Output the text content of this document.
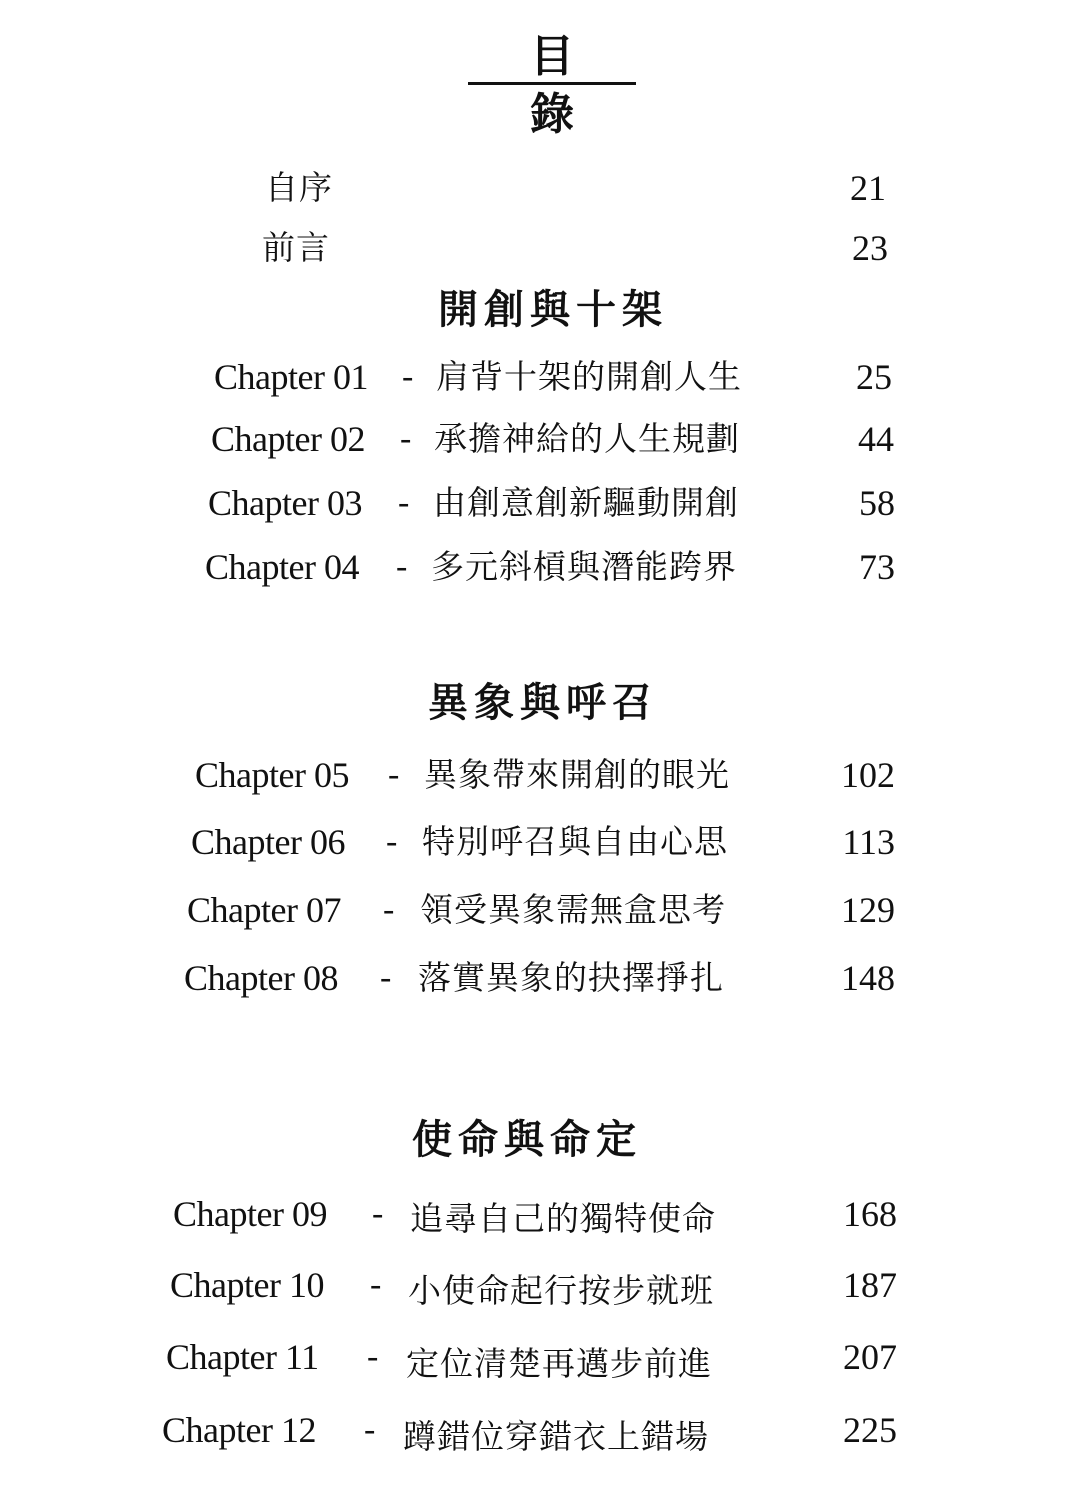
目 錄
自序	21
前言	23
開創與十架
Chapter 01 - 肩背十架的開創人生	25
Chapter 02 - 承擔神給的人生規劃	44
Chapter 03 - 由創意創新驅動開創	58
Chapter 04 - 多元斜槓與潛能跨界	73
異象與呼召
Chapter 05 - 異象帶來開創的眼光	102
Chapter 06 - 特別呼召與自由心思	113
Chapter 07 - 領受異象需無盒思考	129
Chapter 08 - 落實異象的抉擇掙扎	148
使命與命定
Chapter 09 - 追尋自己的獨特使命	168
Chapter 10 - 小使命起行按步就班	187
Chapter 11 - 定位清楚再邁步前進	207
Chapter 12 - 蹲錯位穿錯衣上錯場	225
